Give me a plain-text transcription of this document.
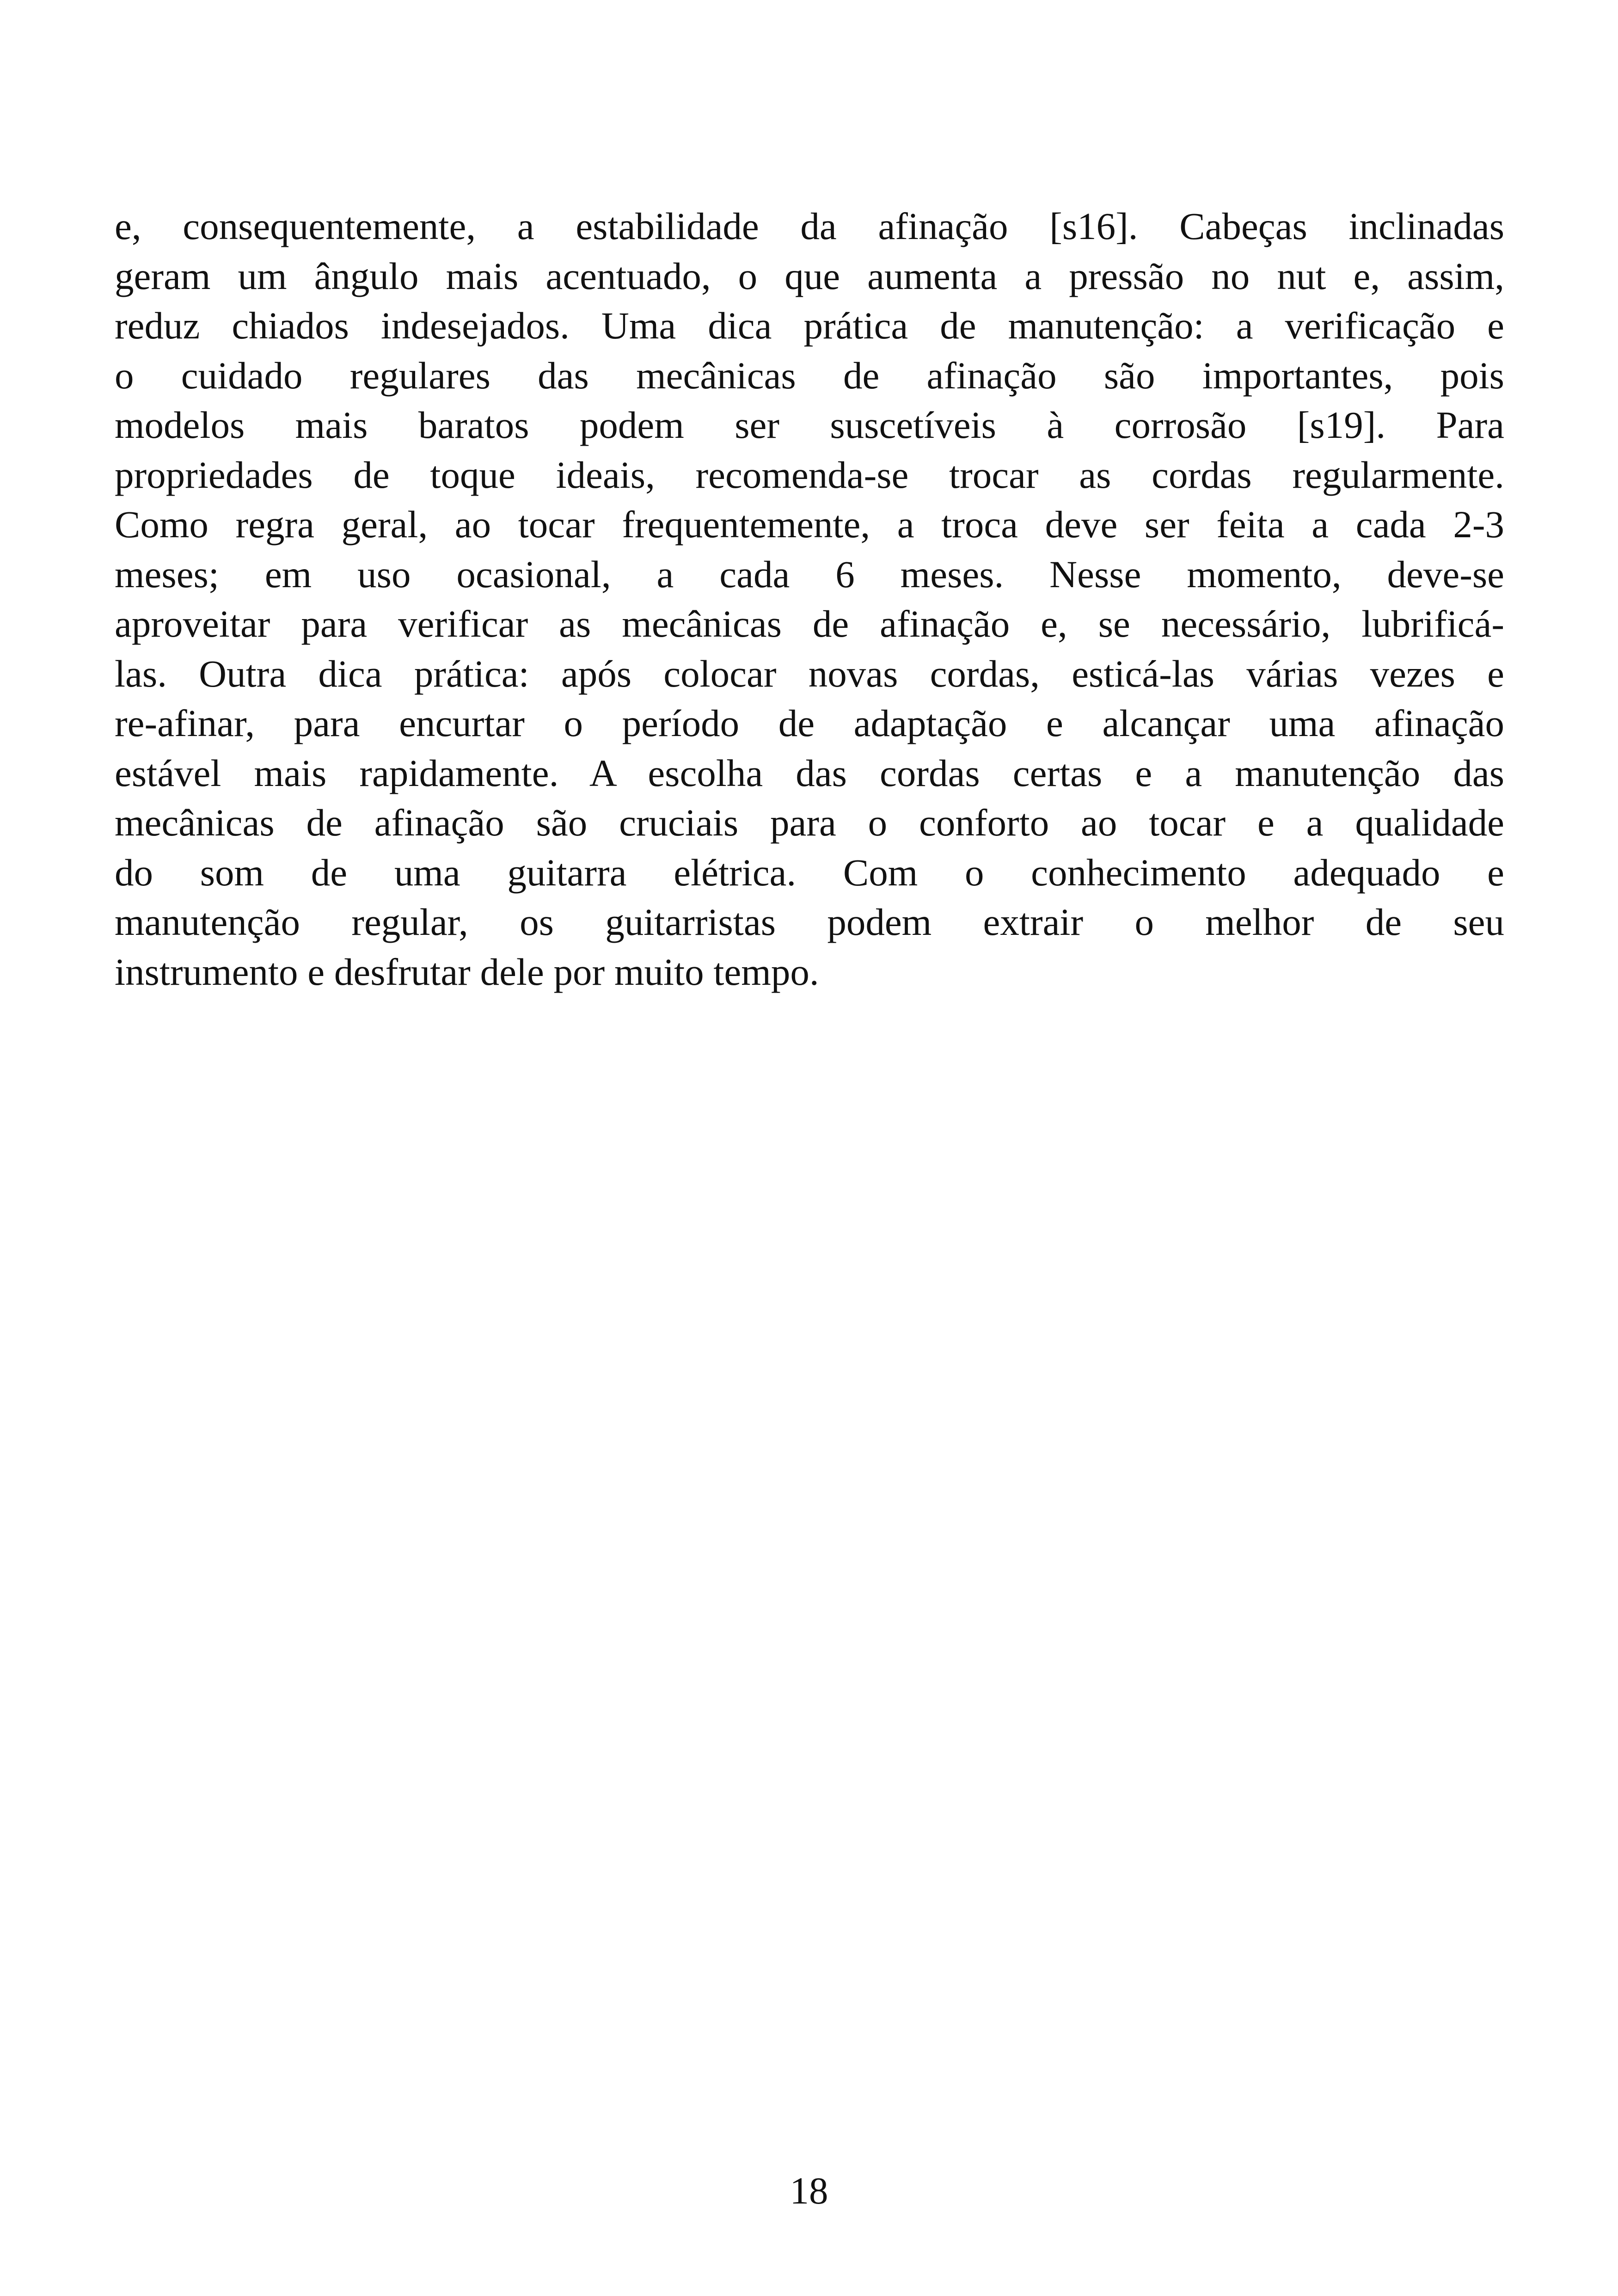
e, consequentemente, a estabilidade da afinação [s16]. Cabeças inclinadas
geram um ângulo mais acentuado, o que aumenta a pressão no nut e, assim,
reduz chiados indesejados. Uma dica prática de manutenção: a verificação e
o cuidado regulares das mecânicas de afinação são importantes, pois
modelos mais baratos podem ser suscetíveis à corrosão [s19]. Para
propriedades de toque ideais, recomenda-se trocar as cordas regularmente.
Como regra geral, ao tocar frequentemente, a troca deve ser feita a cada 2-3
meses; em uso ocasional, a cada 6 meses. Nesse momento, deve-se
aproveitar para verificar as mecânicas de afinação e, se necessário, lubrificá-
las. Outra dica prática: após colocar novas cordas, esticá-las várias vezes e
re-afinar, para encurtar o período de adaptação e alcançar uma afinação
estável mais rapidamente. A escolha das cordas certas e a manutenção das
mecânicas de afinação são cruciais para o conforto ao tocar e a qualidade
do som de uma guitarra elétrica. Com o conhecimento adequado e
manutenção regular, os guitarristas podem extrair o melhor de seu
instrumento e desfrutar dele por muito tempo.

18
